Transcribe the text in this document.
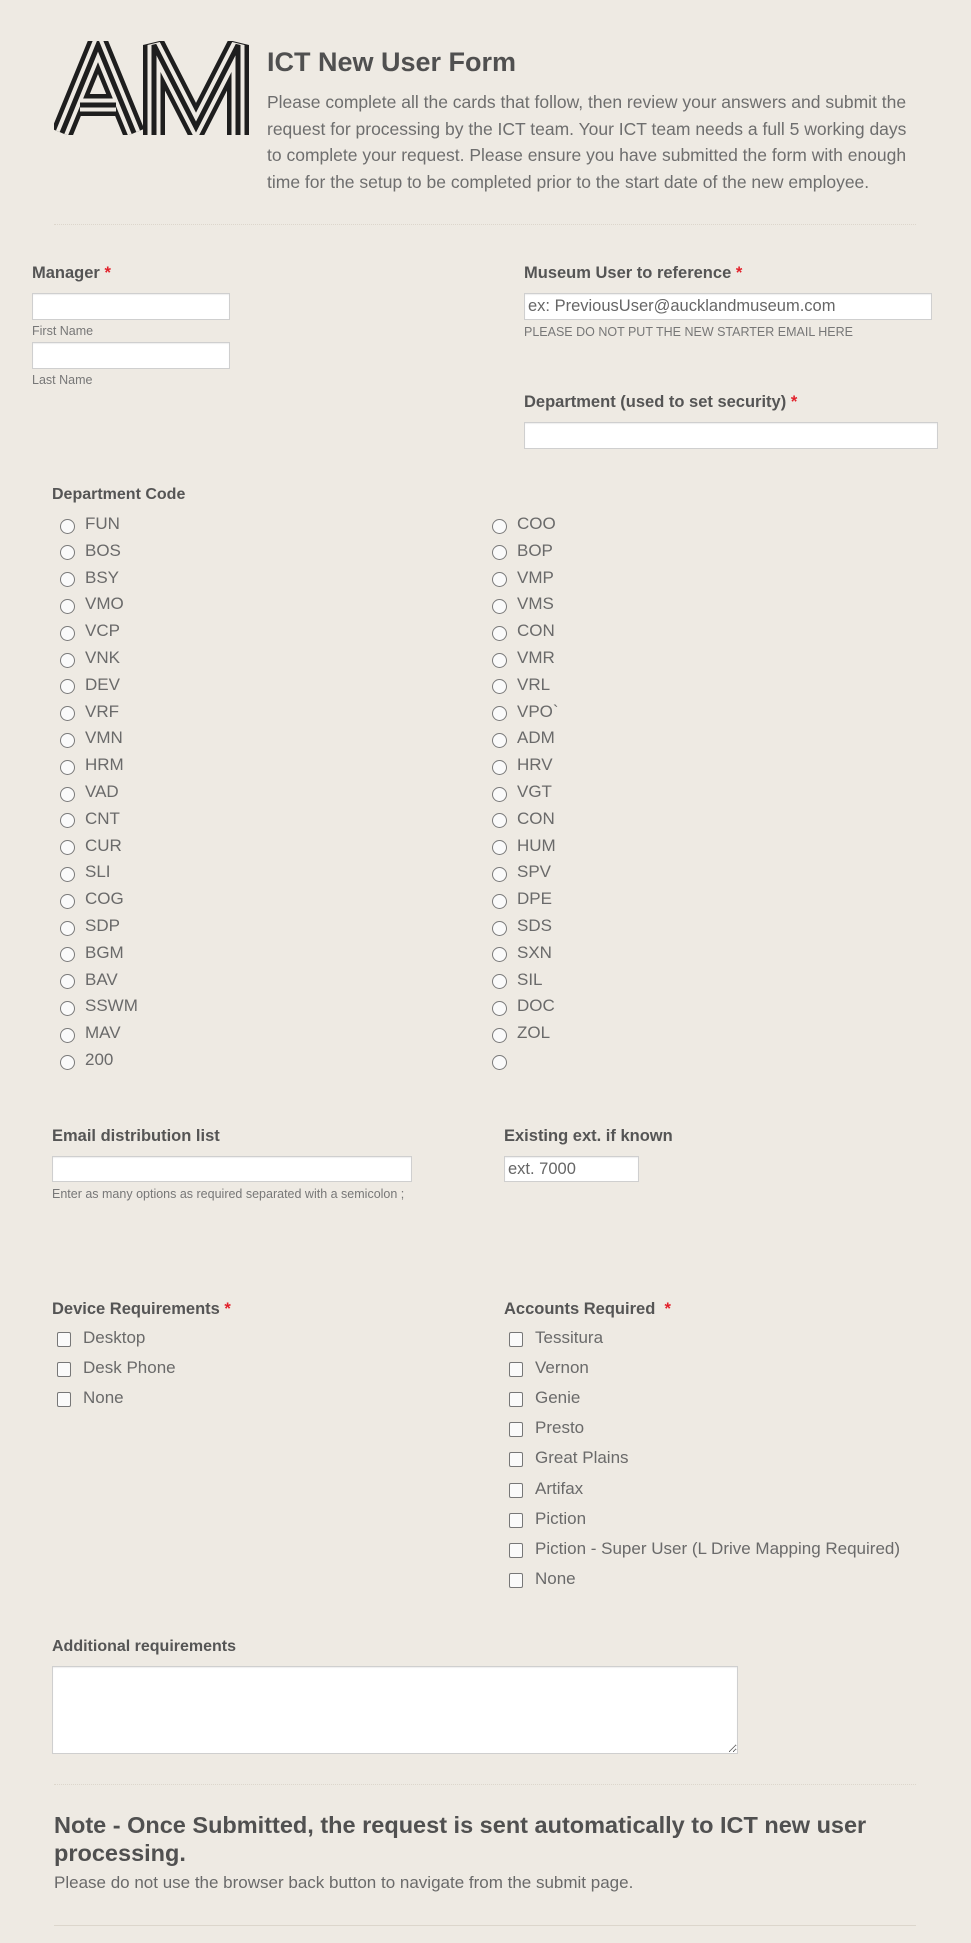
ICT New User Form
Please complete all the cards that follow, then review your answers and submit the request for processing by the ICT team. Your ICT team needs a full 5 working days to complete your request. Please ensure you have submitted the form with enough time for the setup to be completed prior to the start date of the new employee.
Manager *
First Name
Last Name
Museum User to reference *
ex: PreviousUser@aucklandmuseum.com
PLEASE DO NOT PUT THE NEW STARTER EMAIL HERE
Department (used to set security) *
Department Code
FUN
BOS
BSY
VMO
VCP
VNK
DEV
VRF
VMN
HRM
VAD
CNT
CUR
SLI
COG
SDP
BGM
BAV
SSWM
MAV
200
COO
BOP
VMP
VMS
CON
VMR
VRL
VPO`
ADM
HRV
VGT
CON
HUM
SPV
DPE
SDS
SXN
SIL
DOC
ZOL
Email distribution list
Enter as many options as required separated with a semicolon ;
Existing ext. if known
ext. 7000
Device Requirements *
Desktop
Desk Phone
None
Accounts Required *
Tessitura
Vernon
Genie
Presto
Great Plains
Artifax
Piction
Piction - Super User (L Drive Mapping Required)
None
Additional requirements
Note - Once Submitted, the request is sent automatically to ICT new user processing.
Please do not use the browser back button to navigate from the submit page.
